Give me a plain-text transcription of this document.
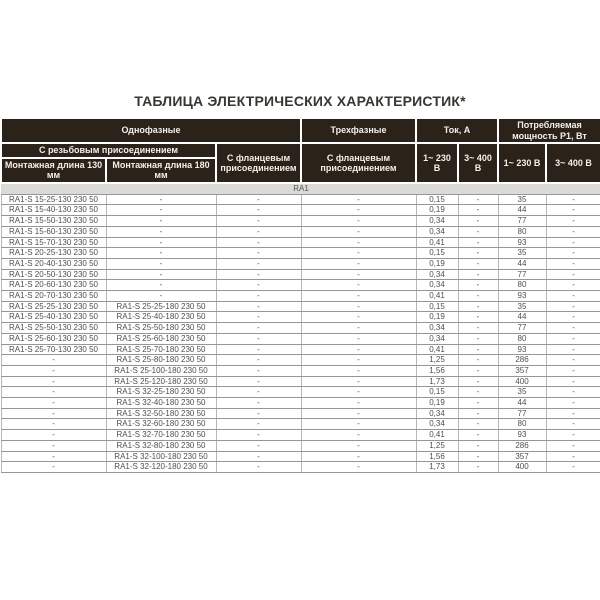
ТАБЛИЦА ЭЛЕКТРИЧЕСКИХ ХАРАКТЕРИСТИК*
Однофазные			Трехфазные	Ток, А		Потребляемая мощность Р1, Вт	
С резьбовым присоединением		С фланцевым присоединением	С фланцевым присоединением	1~ 230 В	3~ 400 В	1~ 230 В	3~ 400 В
Монтажная длина 130 мм	Монтажная длина 180 мм						
RA1							
RA1-S 15-25-130 230 50	-	-	-	0,15	-	35	-
RA1-S 15-40-130 230 50	-	-	-	0,19	-	44	-
RA1-S 15-50-130 230 50	-	-	-	0,34	-	77	-
RA1-S 15-60-130 230 50	-	-	-	0,34	-	80	-
RA1-S 15-70-130 230 50	-	-	-	0,41	-	93	-
RA1-S 20-25-130 230 50	-	-	-	0,15	-	35	-
RA1-S 20-40-130 230 50	-	-	-	0,19	-	44	-
RA1-S 20-50-130 230 50	-	-	-	0,34	-	77	-
RA1-S 20-60-130 230 50	-	-	-	0,34	-	80	-
RA1-S 20-70-130 230 50	-	-	-	0,41	-	93	-
RA1-S 25-25-130 230 50	RA1-S 25-25-180 230 50	-	-	0,15	-	35	-
RA1-S 25-40-130 230 50	RA1-S 25-40-180 230 50	-	-	0,19	-	44	-
RA1-S 25-50-130 230 50	RA1-S 25-50-180 230 50	-	-	0,34	-	77	-
RA1-S 25-60-130 230 50	RA1-S 25-60-180 230 50	-	-	0,34	-	80	-
RA1-S 25-70-130 230 50	RA1-S 25-70-180 230 50	-	-	0,41	-	93	-
-	RA1-S 25-80-180 230 50	-	-	1,25	-	286	-
-	RA1-S 25-100-180 230 50	-	-	1,56	-	357	-
-	RA1-S 25-120-180 230 50	-	-	1,73	-	400	-
-	RA1-S 32-25-180 230 50	-	-	0,15	-	35	-
-	RA1-S 32-40-180 230 50	-	-	0,19	-	44	-
-	RA1-S 32-50-180 230 50	-	-	0,34	-	77	-
-	RA1-S 32-60-180 230 50	-	-	0,34	-	80	-
-	RA1-S 32-70-180 230 50	-	-	0,41	-	93	-
-	RA1-S 32-80-180 230 50	-	-	1,25	-	286	-
-	RA1-S 32-100-180 230 50	-	-	1,56	-	357	-
-	RA1-S 32-120-180 230 50	-	-	1,73	-	400	-
